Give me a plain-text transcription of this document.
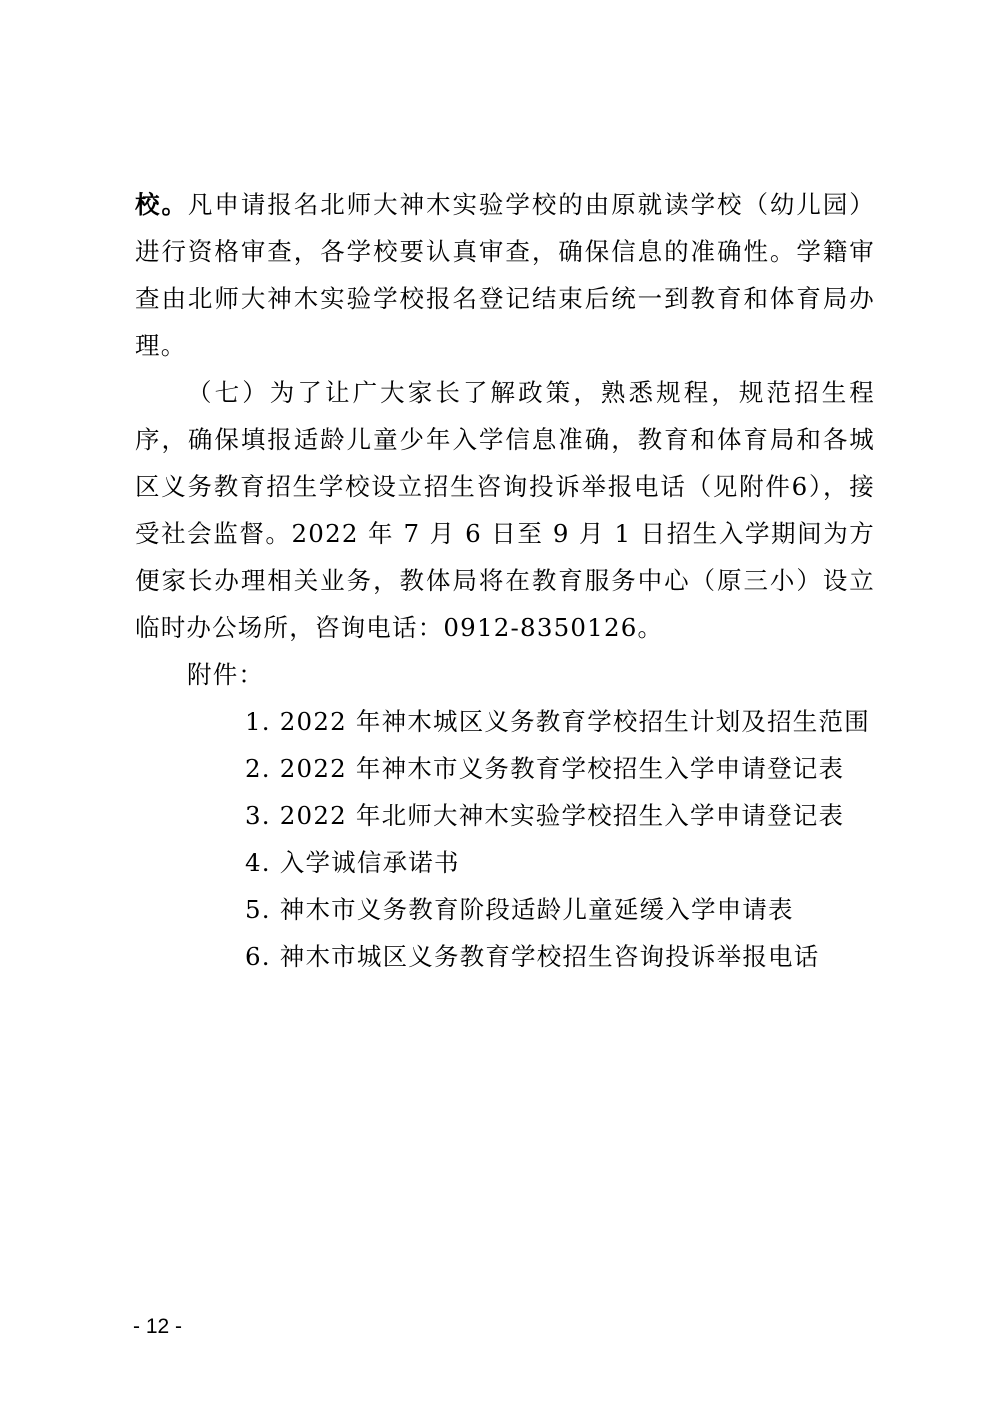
校。凡申请报名北师大神木实验学校的由原就读学校（幼儿园）进行资格审查，各学校要认真审查，确保信息的准确性。学籍审查由北师大神木实验学校报名登记结束后统一到教育和体育局办理。

（七）为了让广大家长了解政策，熟悉规程，规范招生程序，确保填报适龄儿童少年入学信息准确，教育和体育局和各城区义务教育招生学校设立招生咨询投诉举报电话（见附件6），接受社会监督。2022 年 7 月 6 日至 9 月 1 日招生入学期间为方便家长办理相关业务，教体局将在教育服务中心（原三小）设立临时办公场所，咨询电话：0912-8350126。

附件：

1. 2022 年神木城区义务教育学校招生计划及招生范围
2. 2022 年神木市义务教育学校招生入学申请登记表
3. 2022 年北师大神木实验学校招生入学申请登记表
4. 入学诚信承诺书
5. 神木市义务教育阶段适龄儿童延缓入学申请表
6. 神木市城区义务教育学校招生咨询投诉举报电话
- 12 -
